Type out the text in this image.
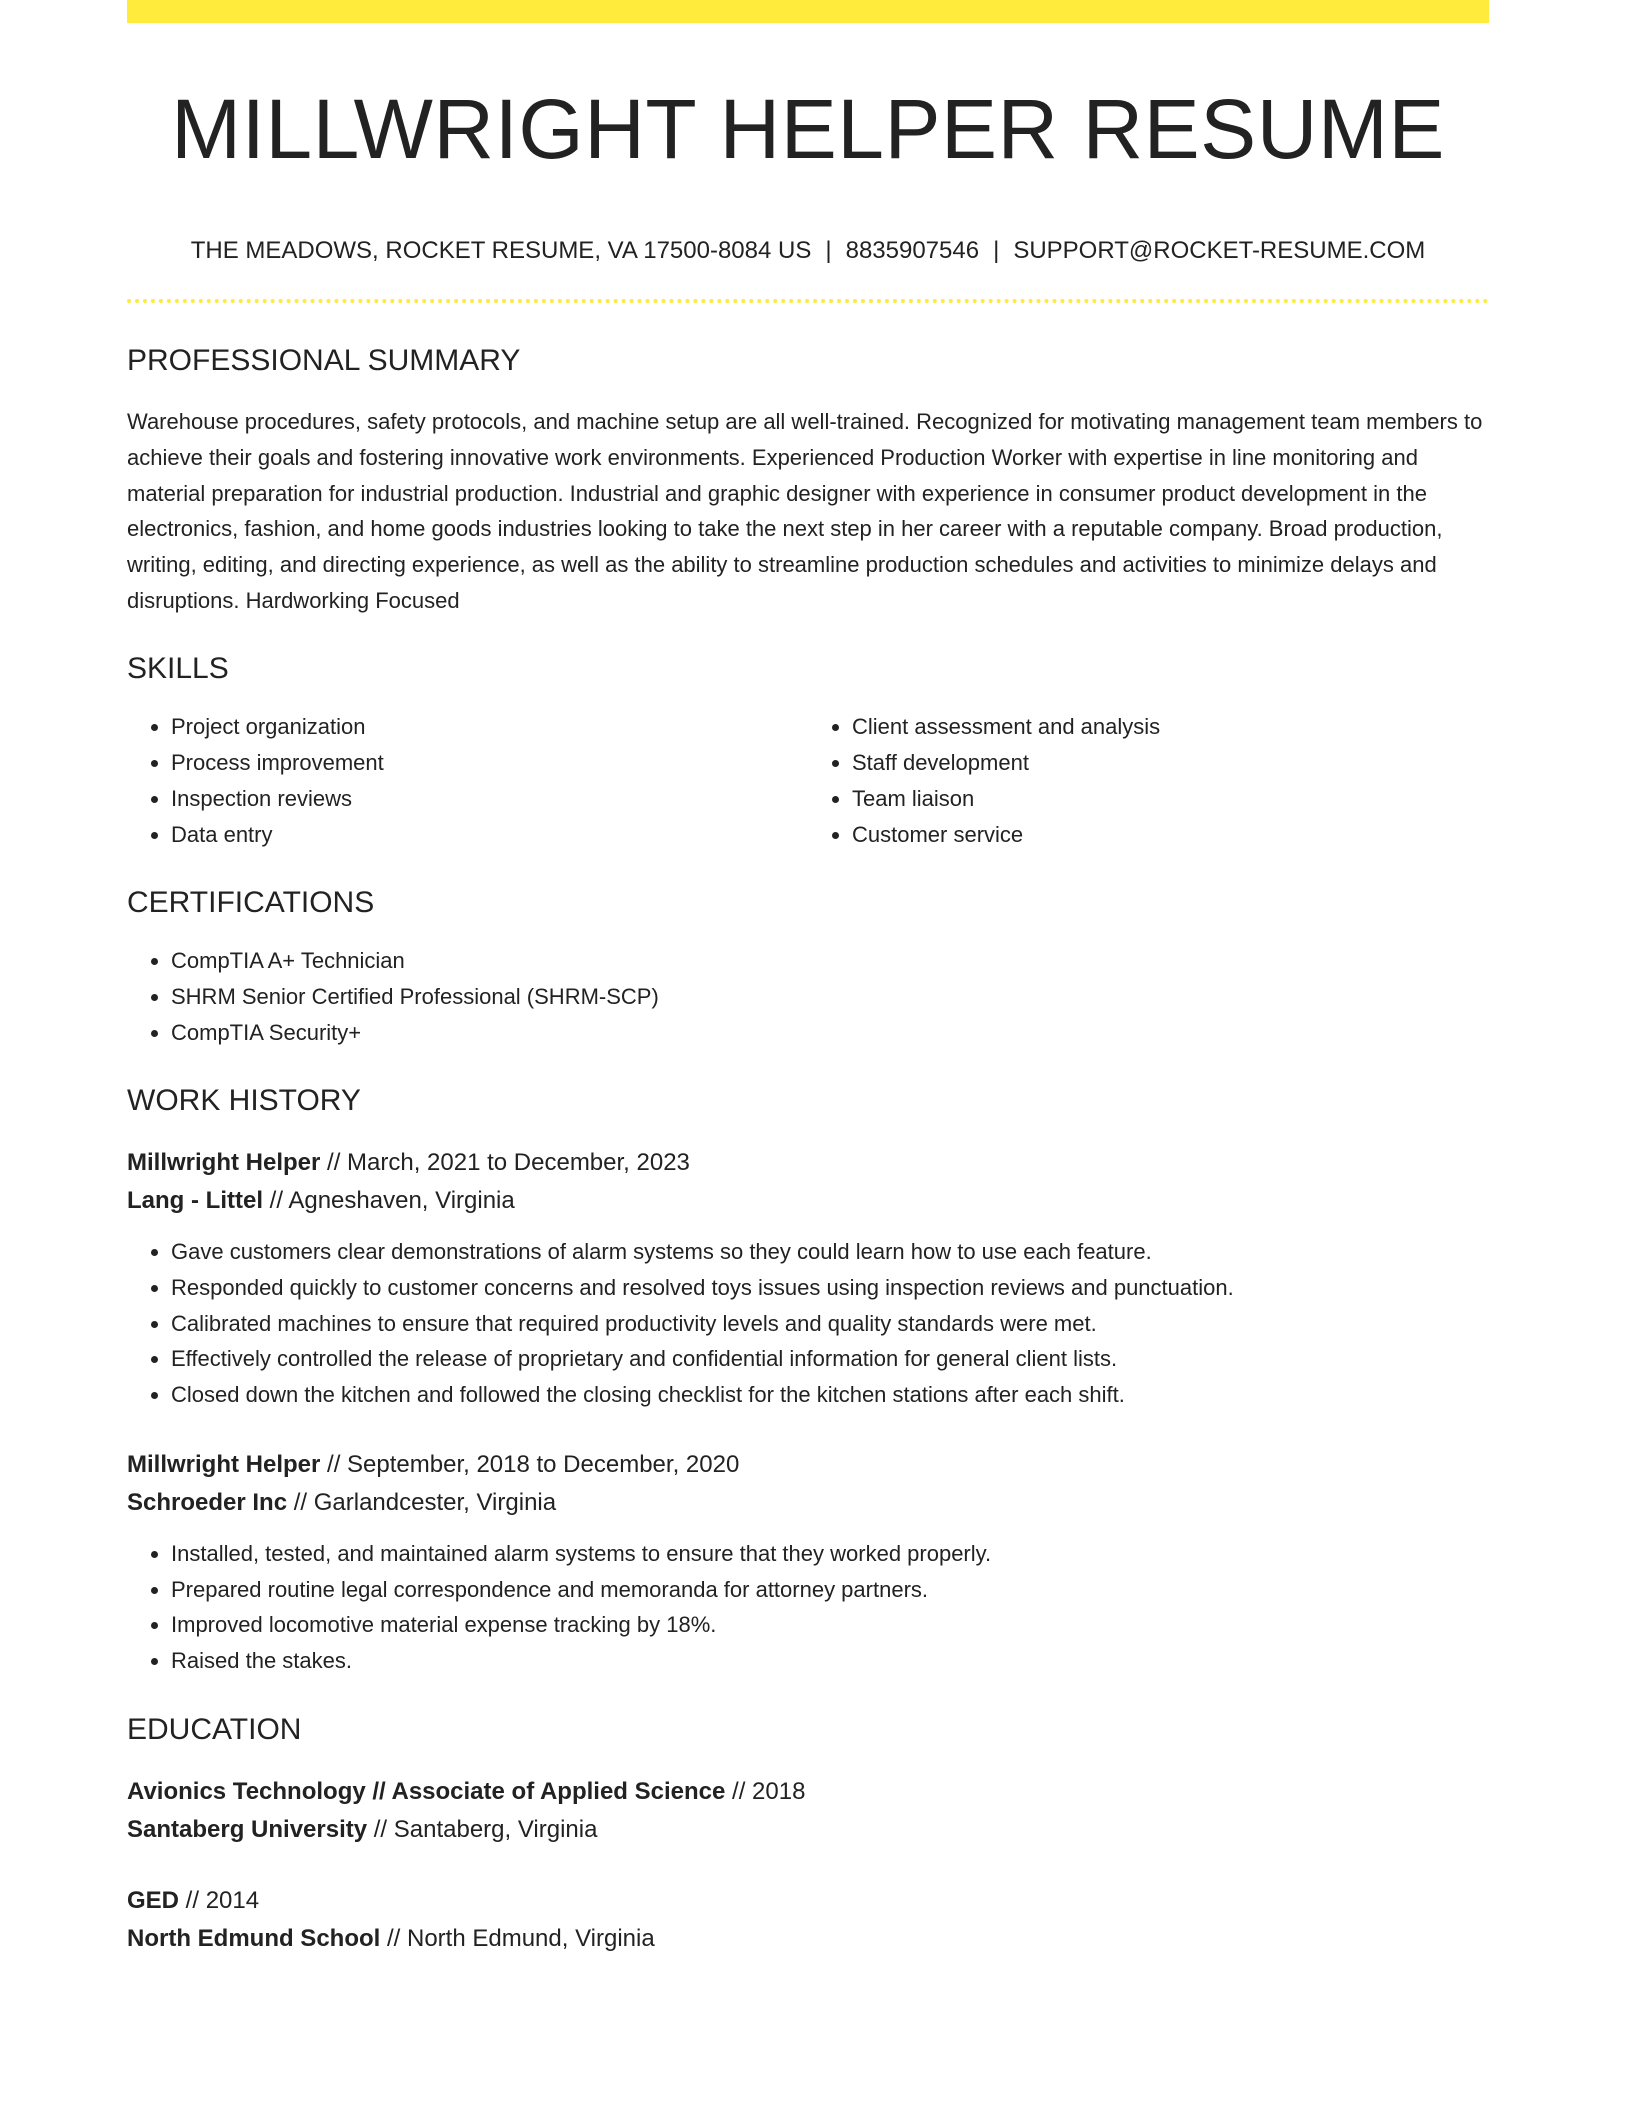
MILLWRIGHT HELPER RESUME
THE MEADOWS, ROCKET RESUME, VA 17500-8084 US | 8835907546 | SUPPORT@ROCKET-RESUME.COM
PROFESSIONAL SUMMARY

Warehouse procedures, safety protocols, and machine setup are all well-trained. Recognized for motivating management team members to achieve their goals and fostering innovative work environments. Experienced Production Worker with expertise in line monitoring and material preparation for industrial production. Industrial and graphic designer with experience in consumer product development in the electronics, fashion, and home goods industries looking to take the next step in her career with a reputable company. Broad production, writing, editing, and directing experience, as well as the ability to streamline production schedules and activities to minimize delays and disruptions. Hardworking Focused

SKILLS
• Project organization
• Process improvement
• Inspection reviews
• Data entry
• Client assessment and analysis
• Staff development
• Team liaison
• Customer service
CERTIFICATIONS
• CompTIA A+ Technician
• SHRM Senior Certified Professional (SHRM-SCP)
• CompTIA Security+
WORK HISTORY
Millwright Helper // March, 2021 to December, 2023
Lang - Littel // Agneshaven, Virginia
• Gave customers clear demonstrations of alarm systems so they could learn how to use each feature.
• Responded quickly to customer concerns and resolved toys issues using inspection reviews and punctuation.
• Calibrated machines to ensure that required productivity levels and quality standards were met.
• Effectively controlled the release of proprietary and confidential information for general client lists.
• Closed down the kitchen and followed the closing checklist for the kitchen stations after each shift.
Millwright Helper // September, 2018 to December, 2020
Schroeder Inc // Garlandcester, Virginia
• Installed, tested, and maintained alarm systems to ensure that they worked properly.
• Prepared routine legal correspondence and memoranda for attorney partners.
• Improved locomotive material expense tracking by 18%.
• Raised the stakes.
EDUCATION
Avionics Technology // Associate of Applied Science // 2018
Santaberg University // Santaberg, Virginia
GED // 2014
North Edmund School // North Edmund, Virginia
